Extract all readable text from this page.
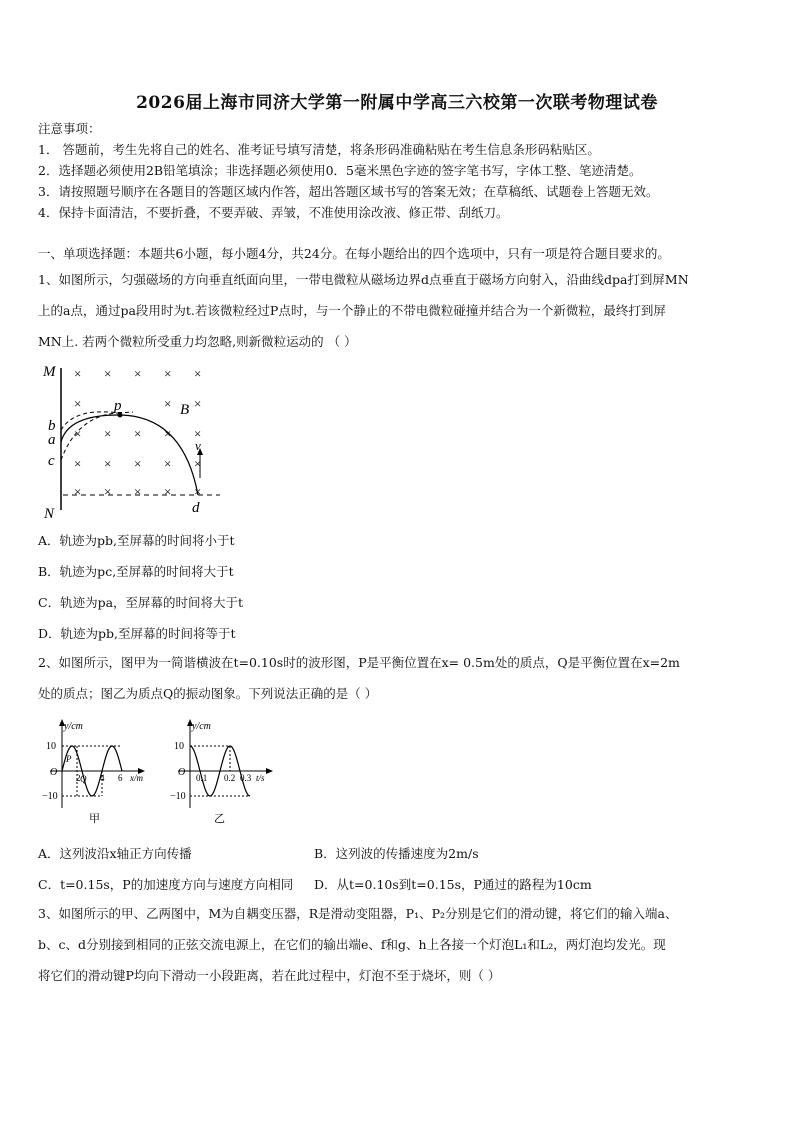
2026届上海市同济大学第一附属中学高三六校第一次联考物理试卷
注意事项：
1． 答题前，考生先将自己的姓名、准考证号填写清楚，将条形码准确粘贴在考生信息条形码粘贴区。
2．选择题必须使用2B铅笔填涂；非选择题必须使用0．5毫米黑色字迹的签字笔书写，字体工整、笔迹清楚。
3．请按照题号顺序在各题目的答题区域内作答，超出答题区域书写的答案无效；在草稿纸、试题卷上答题无效。
4．保持卡面清洁，不要折叠，不要弄破、弄皱，不准使用涂改液、修正带、刮纸刀。
一、单项选择题：本题共6小题，每小题4分，共24分。在每小题给出的四个选项中，只有一项是符合题目要求的。
1、如图所示，匀强磁场的方向垂直纸面向里，一带电微粒从磁场边界d点垂直于磁场方向射入，沿曲线dpa打到屏MN
上的a点，通过pa段用时为t.若该微粒经过P点时，与一个静止的不带电微粒碰撞并结合为一个新微粒，最终打到屏
MN上. 若两个微粒所受重力均忽略,则新微粒运动的 （ ）
M
N
b
a
c
× × × × ×
×	× ×
× × × × ×
× × × × ×
× × × × ×
p	B
v
d
A．轨迹为pb,至屏幕的时间将小于t
B．轨迹为pc,至屏幕的时间将大于t
C．轨迹为pa，至屏幕的时间将大于t
D．轨迹为pb,至屏幕的时间将等于t
2、如图所示，图甲为一简谐横波在t=0.10s时的波形图，P是平衡位置在x= 0.5m处的质点，Q是平衡位置在x=2m
处的质点；图乙为质点Q的振动图象。下列说法正确的是（ ）
y/cm
10
O
−10
P
Q
2 4 6 x/m
甲
y/cm
10
O
−10
0.1 0.2 0.3 t/s
乙
A．这列波沿x轴正方向传播	B．这列波的传播速度为2m/s
C．t=0.15s，P的加速度方向与速度方向相同 D．从t=0.10s到t=0.15s，P通过的路程为10cm
3、如图所示的甲、乙两图中，M为自耦变压器，R是滑动变阻器，P₁、P₂分别是它们的滑动键，将它们的输入端a、
b、c、d分别接到相同的正弦交流电源上，在它们的输出端e、f和g、h上各接一个灯泡L₁和L₂，两灯泡均发光。现
将它们的滑动键P均向下滑动一小段距离，若在此过程中，灯泡不至于烧坏，则（ ）
